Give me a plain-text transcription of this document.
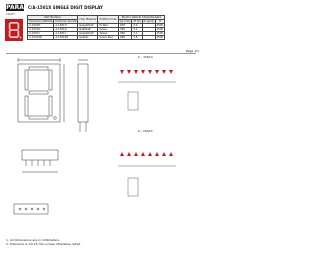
PARA
LIGHT
C/A-1501X SINGLE DIGIT DISPLAY
Part Number		Chip Material	Emitted Color	Electro-Optical Characteristics			
Common Cathode	Common Anode			λp (nm)	Vf (V)	Iv (µcd)	If
C-1501H	A-1501H	GaAsP/GaP	Hi.Red	635	2.0		2000
C-1501G	A-1501G	GaP/GaP	Green	565	2.1		1500
C-1501Y	A-1501Y	GaAsP/GaP	Yellow	585	2.1		1500
C-1501SR	A-1501SR	GaAlAs	Super Red	660	1.8		4000
Page 1/1
C - 1501X
A - 1501X
1. All dimensions are in millimeters.
2. Tolerance is ±0.25 mm unless otherwise noted.
